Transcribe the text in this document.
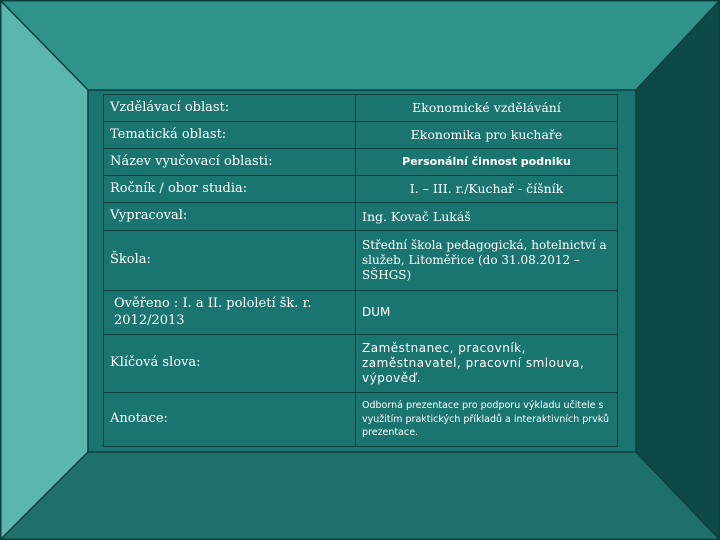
Vzdělávací oblast:	Ekonomické vzdělávání
Tematická oblast:	Ekonomika pro kuchaře
Název vyučovací oblasti:	Personální činnost podniku
Ročník / obor studia:	I. – III. r./Kuchař - číšník
Vypracoval:	Ing. Kovač Lukáš
Škola:	Střední škola pedagogická, hotelnictví a služeb, Litoměřice (do 31.08.2012 – SŠHGS)
Ověřeno : I. a II. pololetí šk. r. 2012/2013	DUM
Klíčová slova:	Zaměstnanec, pracovník, zaměstnavatel, pracovní smlouva, výpověď.
Anotace:	Odborná prezentace pro podporu výkladu učitele s využitím praktických příkladů a interaktivních prvků prezentace.
